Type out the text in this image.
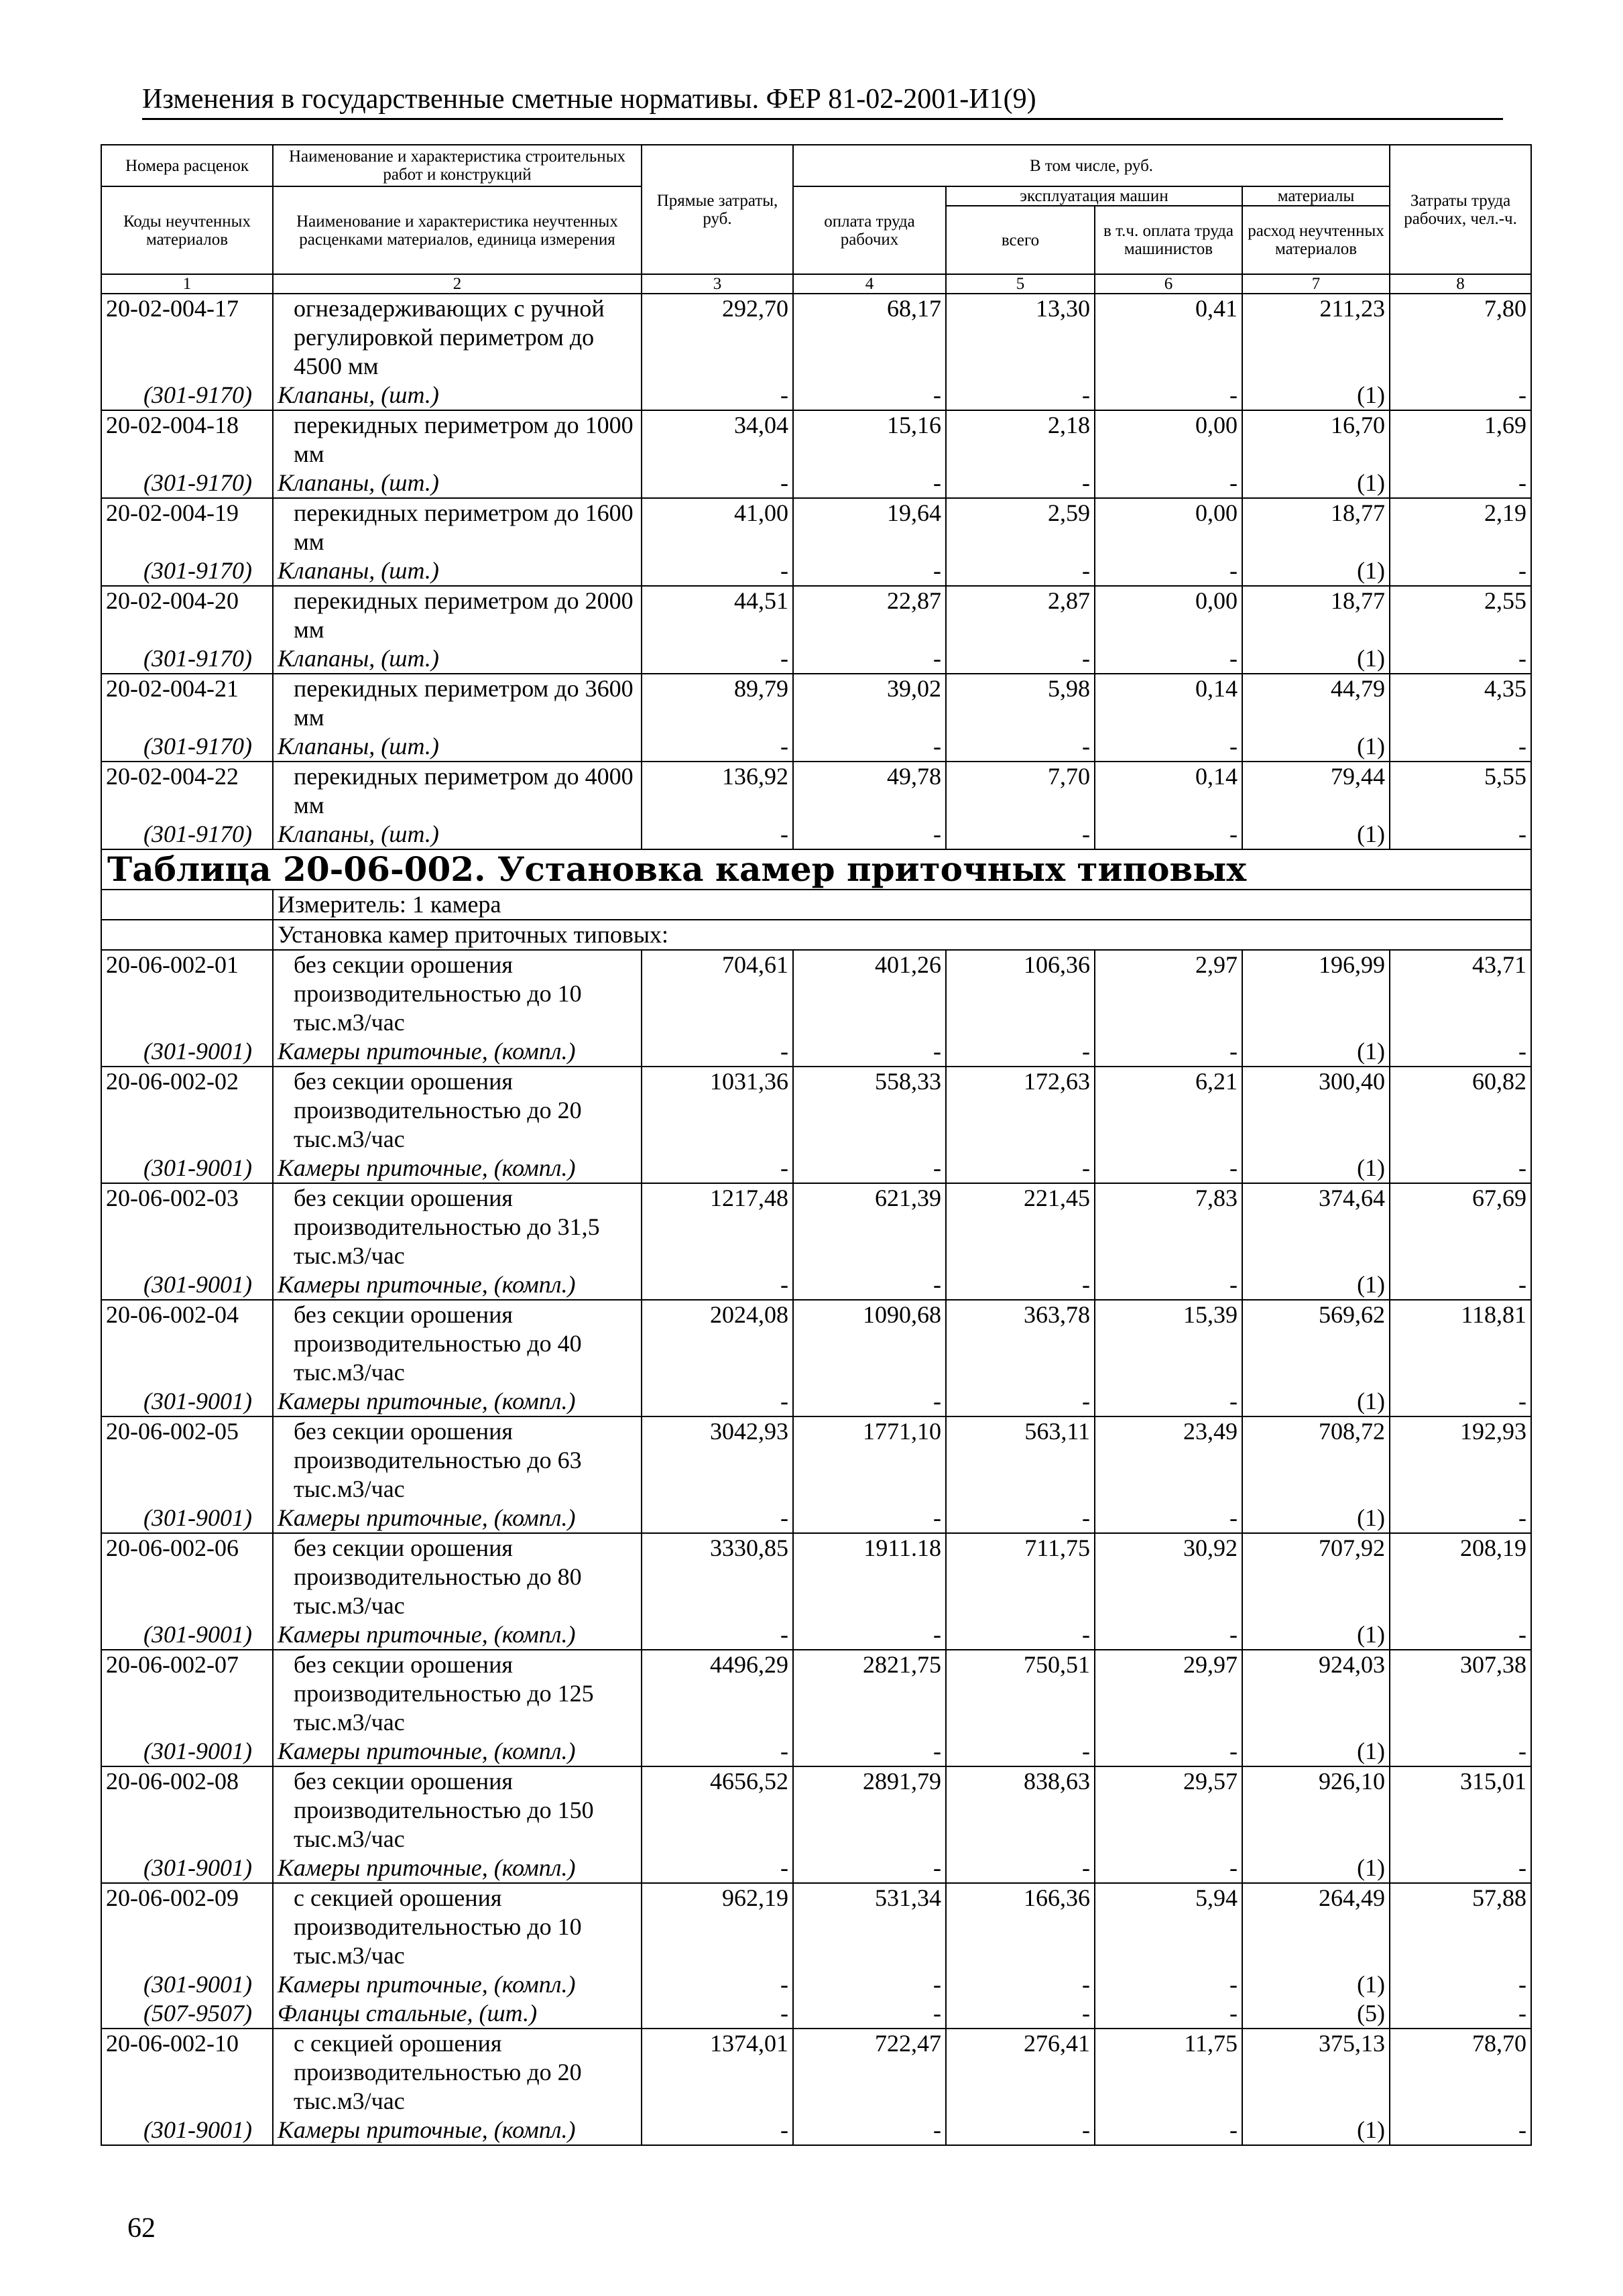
Изменения в государственные сметные нормативы. ФЕР 81-02-2001-И1(9)
Номера расценок	Наименование и характеристика строительных работ и конструкций	Прямые затраты, руб.	В том числе, руб.				Затраты труда рабочих, чел.-ч.
Коды неучтенных материалов	Наименование и характеристика неучтенных расценками материалов, единица измерения		оплата труда рабочих	эксплуатация машин		материалы	
				всего	в т.ч. оплата труда машинистов	расход неучтенных материалов	
1	2	3	4	5	6	7	8
20-02-004-17	огнезадерживающих с ручной регулировкой периметром до 4500 мм	292,70	68,17	13,30	0,41	211,23	7,80
(301-9170)	Клапаны, (шт.)	-	-	-	-	(1)	-
20-02-004-18	перекидных периметром до 1000 мм	34,04	15,16	2,18	0,00	16,70	1,69
(301-9170)	Клапаны, (шт.)	-	-	-	-	(1)	-
20-02-004-19	перекидных периметром до 1600 мм	41,00	19,64	2,59	0,00	18,77	2,19
(301-9170)	Клапаны, (шт.)	-	-	-	-	(1)	-
20-02-004-20	перекидных периметром до 2000 мм	44,51	22,87	2,87	0,00	18,77	2,55
(301-9170)	Клапаны, (шт.)	-	-	-	-	(1)	-
20-02-004-21	перекидных периметром до 3600 мм	89,79	39,02	5,98	0,14	44,79	4,35
(301-9170)	Клапаны, (шт.)	-	-	-	-	(1)	-
20-02-004-22	перекидных периметром до 4000 мм	136,92	49,78	7,70	0,14	79,44	5,55
(301-9170)	Клапаны, (шт.)	-	-	-	-	(1)	-
Таблица 20-06-002. Установка камер приточных типовых							
	Измеритель: 1 камера						
	Установка камер приточных типовых:						
20-06-002-01	без секции орошения производительностью до 10 тыс.м3/час	704,61	401,26	106,36	2,97	196,99	43,71
(301-9001)	Камеры приточные, (компл.)	-	-	-	-	(1)	-
20-06-002-02	без секции орошения производительностью до 20 тыс.м3/час	1031,36	558,33	172,63	6,21	300,40	60,82
(301-9001)	Камеры приточные, (компл.)	-	-	-	-	(1)	-
20-06-002-03	без секции орошения производительностью до 31,5 тыс.м3/час	1217,48	621,39	221,45	7,83	374,64	67,69
(301-9001)	Камеры приточные, (компл.)	-	-	-	-	(1)	-
20-06-002-04	без секции орошения производительностью до 40 тыс.м3/час	2024,08	1090,68	363,78	15,39	569,62	118,81
(301-9001)	Камеры приточные, (компл.)	-	-	-	-	(1)	-
20-06-002-05	без секции орошения производительностью до 63 тыс.м3/час	3042,93	1771,10	563,11	23,49	708,72	192,93
(301-9001)	Камеры приточные, (компл.)	-	-	-	-	(1)	-
20-06-002-06	без секции орошения производительностью до 80 тыс.м3/час	3330,85	1911.18	711,75	30,92	707,92	208,19
(301-9001)	Камеры приточные, (компл.)	-	-	-	-	(1)	-
20-06-002-07	без секции орошения производительностью до 125 тыс.м3/час	4496,29	2821,75	750,51	29,97	924,03	307,38
(301-9001)	Камеры приточные, (компл.)	-	-	-	-	(1)	-
20-06-002-08	без секции орошения производительностью до 150 тыс.м3/час	4656,52	2891,79	838,63	29,57	926,10	315,01
(301-9001)	Камеры приточные, (компл.)	-	-	-	-	(1)	-
20-06-002-09	с секцией орошения производительностью до 10 тыс.м3/час	962,19	531,34	166,36	5,94	264,49	57,88
(301-9001)	Камеры приточные, (компл.)	-	-	-	-	(1)	-
(507-9507)	Фланцы стальные, (шт.)	-	-	-	-	(5)	-
20-06-002-10	с секцией орошения производительностью до 20 тыс.м3/час	1374,01	722,47	276,41	11,75	375,13	78,70
(301-9001)	Камеры приточные, (компл.)	-	-	-	-	(1)	-
62
